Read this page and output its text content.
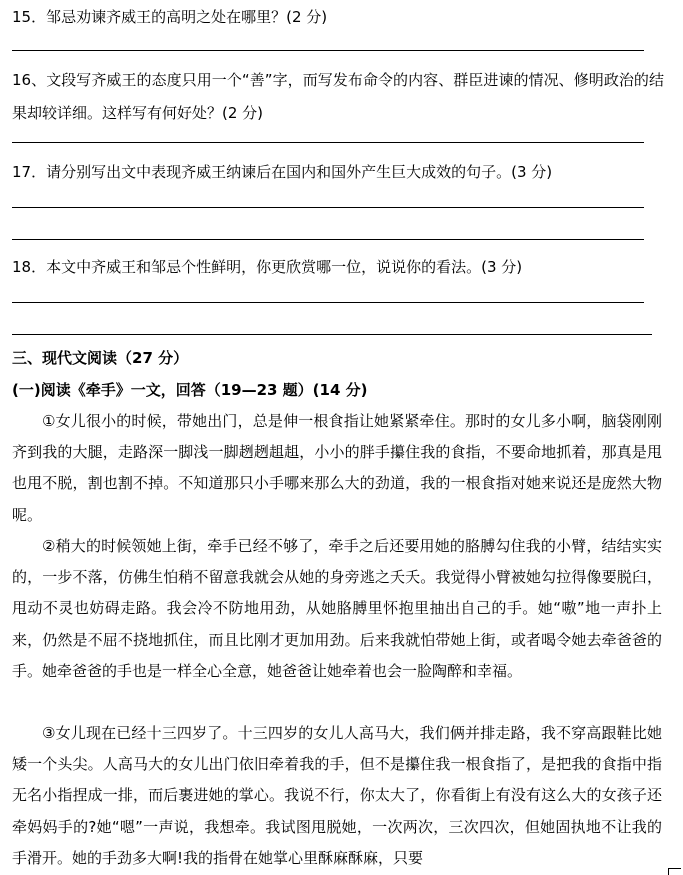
15．邹忌劝谏齐威王的高明之处在哪里？(2 分)

16、文段写齐威王的态度只用一个“善”字，而写发布命令的内容、群臣进谏的情况、修明政治的结果却较详细。这样写有何好处？(2 分)

17．请分别写出文中表现齐威王纳谏后在国内和国外产生巨大成效的句子。(3 分)
18．本文中齐威王和邹忌个性鲜明，你更欣赏哪一位，说说你的看法。(3 分)
三、现代文阅读（27 分）
(一)阅读《牵手》一文，回答（19—23 题）(14 分)

①女儿很小的时候，带她出门，总是伸一根食指让她紧紧牵住。那时的女儿多小啊，脑袋刚刚齐到我的大腿，走路深一脚浅一脚趔趔趄趄，小小的胖手攥住我的食指，不要命地抓着，那真是甩也甩不脱，割也割不掉。不知道那只小手哪来那么大的劲道，我的一根食指对她来说还是庞然大物呢。

②稍大的时候领她上街，牵手已经不够了，牵手之后还要用她的胳膊勾住我的小臂，结结实实的，一步不落，仿佛生怕稍不留意我就会从她的身旁逃之夭夭。我觉得小臂被她勾拉得像要脱臼，甩动不灵也妨碍走路。我会冷不防地用劲，从她胳膊里怀抱里抽出自己的手。她“嗷”地一声扑上来，仍然是不屈不挠地抓住，而且比刚才更加用劲。后来我就怕带她上街，或者喝令她去牵爸爸的手。她牵爸爸的手也是一样全心全意，她爸爸让她牵着也会一脸陶醉和幸福。

③女儿现在已经十三四岁了。十三四岁的女儿人高马大，我们俩并排走路，我不穿高跟鞋比她矮一个头尖。人高马大的女儿出门依旧牵着我的手，但不是攥住我一根食指了，是把我的食指中指无名小指捏成一排，而后裹进她的掌心。我说不行，你太大了，你看街上有没有这么大的女孩子还牵妈妈手的?她“嗯”一声说，我想牵。我试图甩脱她，一次两次，三次四次，但她固执地不让我的手滑开。她的手劲多大啊!我的指骨在她掌心里酥麻酥麻，只要
